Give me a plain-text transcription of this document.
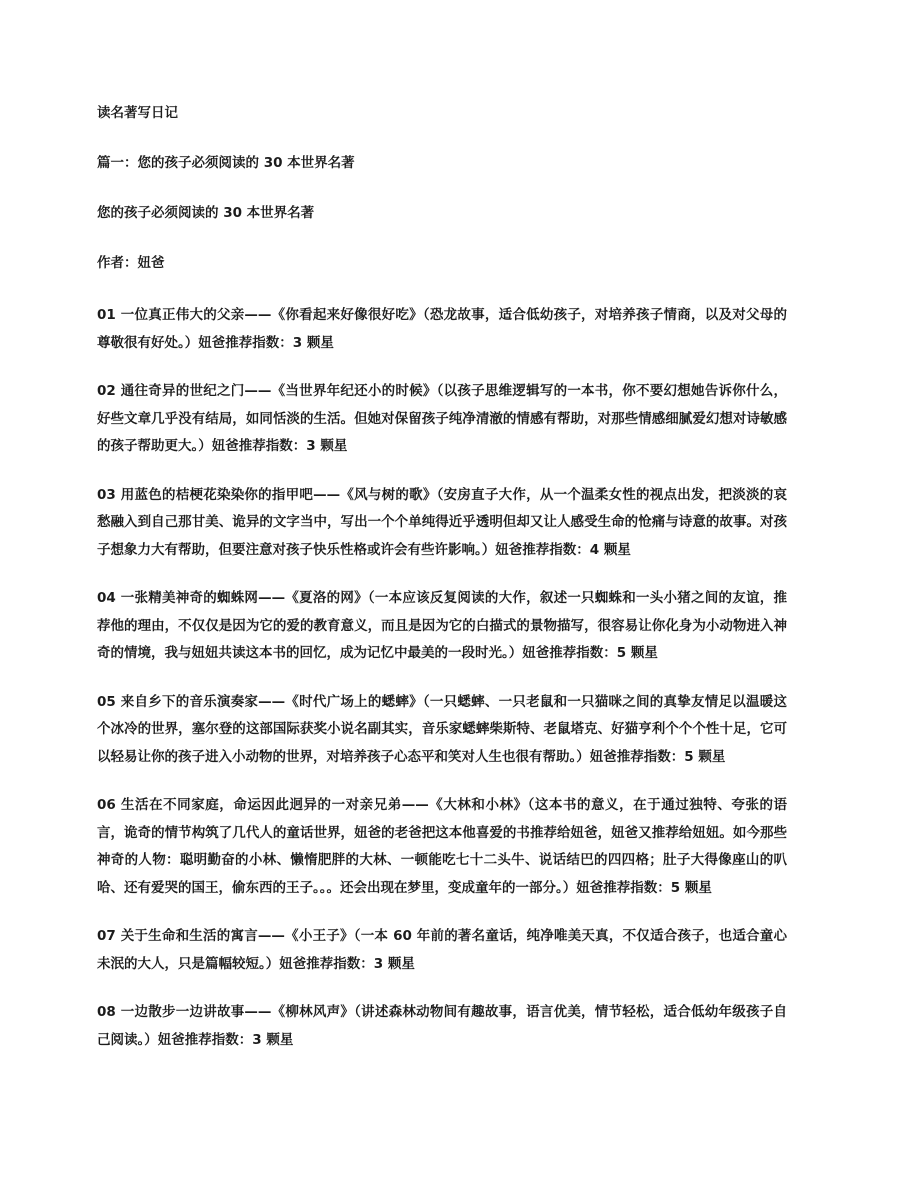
读名著写日记
篇一：您的孩子必须阅读的 30 本世界名著
您的孩子必须阅读的 30 本世界名著
作者：妞爸

01 一位真正伟大的父亲——《你看起来好像很好吃》（恐龙故事，适合低幼孩子，对培养孩子情商，以及对父母的尊敬很有好处。）妞爸推荐指数：3 颗星

02 通往奇异的世纪之门——《当世界年纪还小的时候》（以孩子思维逻辑写的一本书，你不要幻想她告诉你什么，好些文章几乎没有结局，如同恬淡的生活。但她对保留孩子纯净清澈的情感有帮助，对那些情感细腻爱幻想对诗敏感的孩子帮助更大。）妞爸推荐指数：3 颗星

03 用蓝色的桔梗花染染你的指甲吧——《风与树的歌》（安房直子大作，从一个温柔女性的视点出发，把淡淡的哀愁融入到自己那甘美、诡异的文字当中，写出一个个单纯得近乎透明但却又让人感受生命的怆痛与诗意的故事。对孩子想象力大有帮助，但要注意对孩子快乐性格或许会有些许影响。）妞爸推荐指数：4 颗星

04 一张精美神奇的蜘蛛网——《夏洛的网》（一本应该反复阅读的大作，叙述一只蜘蛛和一头小猪之间的友谊，推荐他的理由，不仅仅是因为它的爱的教育意义，而且是因为它的白描式的景物描写，很容易让你化身为小动物进入神奇的情境，我与妞妞共读这本书的回忆，成为记忆中最美的一段时光。）妞爸推荐指数：5 颗星

05 来自乡下的音乐演奏家——《时代广场上的蟋蟀》（一只蟋蟀、一只老鼠和一只猫咪之间的真挚友情足以温暖这个冰冷的世界，塞尔登的这部国际获奖小说名副其实，音乐家蟋蟀柴斯特、老鼠塔克、好猫亨利个个个性十足，它可以轻易让你的孩子进入小动物的世界，对培养孩子心态平和笑对人生也很有帮助。）妞爸推荐指数：5 颗星

06 生活在不同家庭，命运因此迥异的一对亲兄弟——《大林和小林》（这本书的意义，在于通过独特、夸张的语言，诡奇的情节构筑了几代人的童话世界，妞爸的老爸把这本他喜爱的书推荐给妞爸，妞爸又推荐给妞妞。如今那些神奇的人物：聪明勤奋的小林、懒惰肥胖的大林、一顿能吃七十二头牛、说话结巴的四四格；肚子大得像座山的叭哈、还有爱哭的国王，偷东西的王子。。。还会出现在梦里，变成童年的一部分。）妞爸推荐指数：5 颗星

07 关于生命和生活的寓言——《小王子》（一本 60 年前的著名童话，纯净唯美天真，不仅适合孩子，也适合童心未泯的大人，只是篇幅较短。）妞爸推荐指数：3 颗星

08 一边散步一边讲故事——《柳林风声》（讲述森林动物间有趣故事，语言优美，情节轻松，适合低幼年级孩子自己阅读。）妞爸推荐指数：3 颗星
